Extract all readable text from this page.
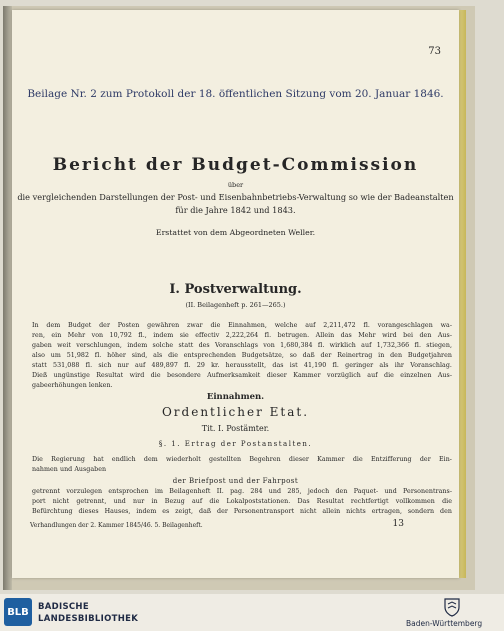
73
Beilage Nr. 2 zum Protokoll der 18. öffentlichen Sitzung vom 20. Januar 1846.
Bericht der Budget-Commission
über
die vergleichenden Darstellungen der Post- und Eisenbahnbetriebs-Verwaltung so wie der Badeanstalten
für die Jahre 1842 und 1843.
Erstattet von dem Abgeordneten Weller.
I. Postverwaltung.
(II. Beilagenheft p. 261—265.)
In dem Budget der Posten gewähren zwar die Einnahmen, welche auf 2,211,472 fl. vorangeschlagen wa-
ren, ein Mehr von 10,792 fl., indem sie effectiv 2,222,264 fl. betrugen. Allein das Mehr wird bei den Aus-
gaben weit verschlungen, indem solche statt des Voranschlags von 1,680,384 fl. wirklich auf 1,732,366 fl. stiegen,
also um 51,982 fl. höher sind, als die entsprechenden Budgetsätze, so daß der Reinertrag in den Budgetjahren
statt 531,088 fl. sich nur auf 489,897 fl. 29 kr. herausstellt, das ist 41,190 fl. geringer als ihr Voranschlag.
Dieß ungünstige Resultat wird die besondere Aufmerksamkeit dieser Kammer vorzüglich auf die einzelnen Aus-
gabeerhöhungen lenken.
Einnahmen.
Ordentlicher Etat.
Tit. I. Postämter.
§. 1. Ertrag der Postanstalten.
Die Regierung hat endlich dem wiederholt gestellten Begehren dieser Kammer die Entzifferung der Ein-
nahmen und Ausgaben
der Briefpost und der Fahrpost
getrennt vorzulegen entsprochen im Beilagenheft II. pag. 284 und 285, jedoch den Paquet- und Personentrans-
port nicht getrennt, und nur in Bezug auf die Lokalpoststationen. Das Resultat rechtfertigt vollkommen die
Befürchtung dieses Hauses, indem es zeigt, daß der Personentransport nicht allein nichts ertragen, sondern den
Verhandlungen der 2. Kammer 1845/46. 5. Beilagenheft.	13
BLB	BADISCHE
LANDESBIBLIOTHEK	Baden-Württemberg
